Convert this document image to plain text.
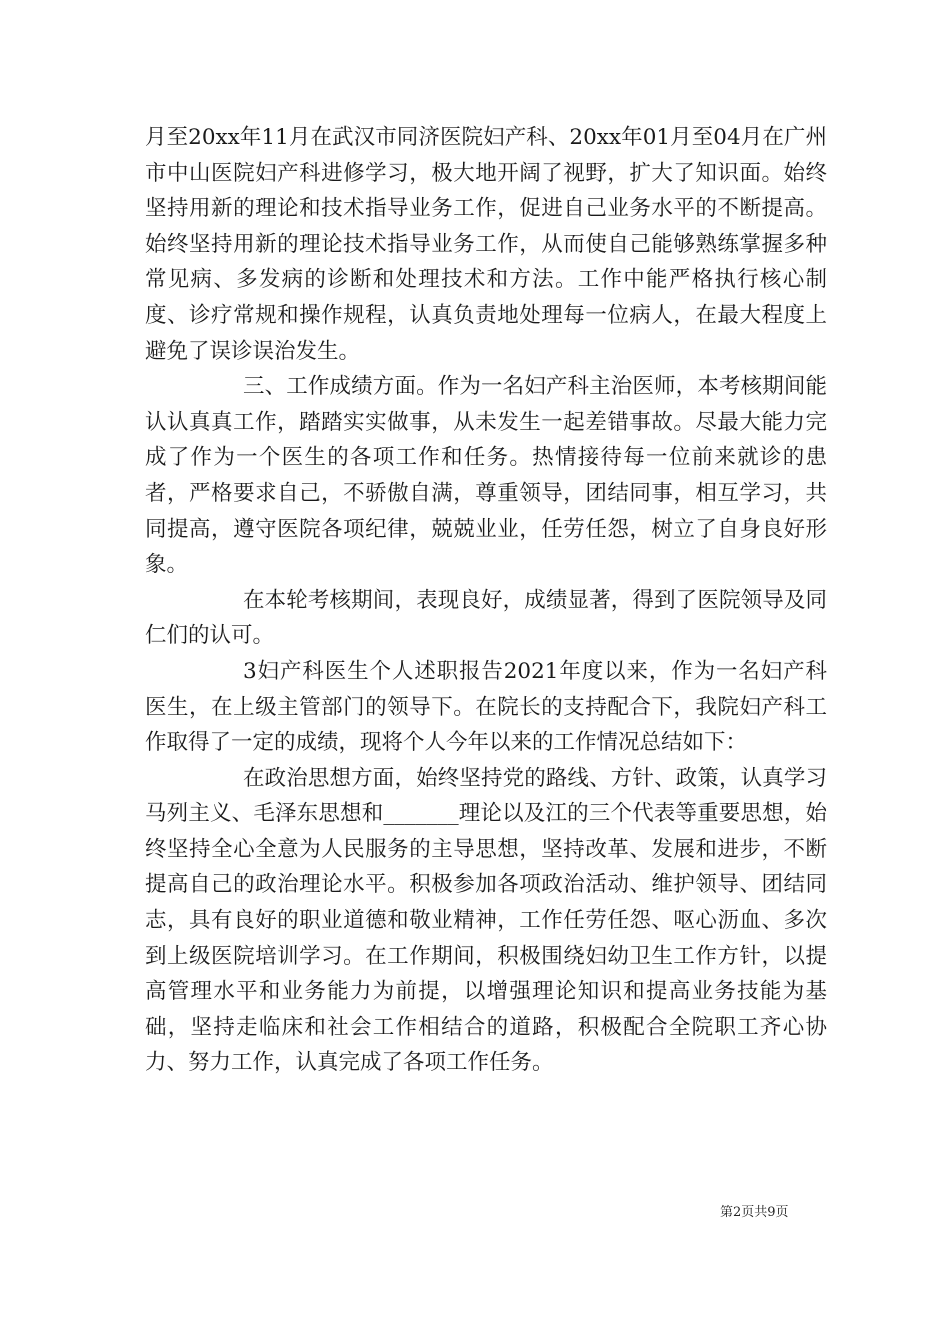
月至20xx年11月在武汉市同济医院妇产科、20xx年01月至04月在广州市中山医院妇产科进修学习，极大地开阔了视野，扩大了知识面。始终坚持用新的理论和技术指导业务工作，促进自己业务水平的不断提高。始终坚持用新的理论技术指导业务工作，从而使自己能够熟练掌握多种常见病、多发病的诊断和处理技术和方法。工作中能严格执行核心制度、诊疗常规和操作规程，认真负责地处理每一位病人，在最大程度上避免了误诊误治发生。

三、工作成绩方面。作为一名妇产科主治医师，本考核期间能认认真真工作，踏踏实实做事，从未发生一起差错事故。尽最大能力完成了作为一个医生的各项工作和任务。热情接待每一位前来就诊的患者，严格要求自己，不骄傲自满，尊重领导，团结同事，相互学习，共同提高，遵守医院各项纪律，兢兢业业，任劳任怨，树立了自身良好形象。

在本轮考核期间，表现良好，成绩显著，得到了医院领导及同仁们的认可。

3妇产科医生个人述职报告2021年度以来，作为一名妇产科医生，在上级主管部门的领导下。在院长的支持配合下，我院妇产科工作取得了一定的成绩，现将个人今年以来的工作情况总结如下：

在政治思想方面，始终坚持党的路线、方针、政策，认真学习马列主义、毛泽东思想和_______理论以及江的三个代表等重要思想，始终坚持全心全意为人民服务的主导思想，坚持改革、发展和进步，不断提高自己的政治理论水平。积极参加各项政治活动、维护领导、团结同志，具有良好的职业道德和敬业精神，工作任劳任怨、呕心沥血、多次到上级医院培训学习。在工作期间，积极围绕妇幼卫生工作方针，以提高管理水平和业务能力为前提，以增强理论知识和提高业务技能为基础，坚持走临床和社会工作相结合的道路，积极配合全院职工齐心协力、努力工作，认真完成了各项工作任务。

第2页共9页
